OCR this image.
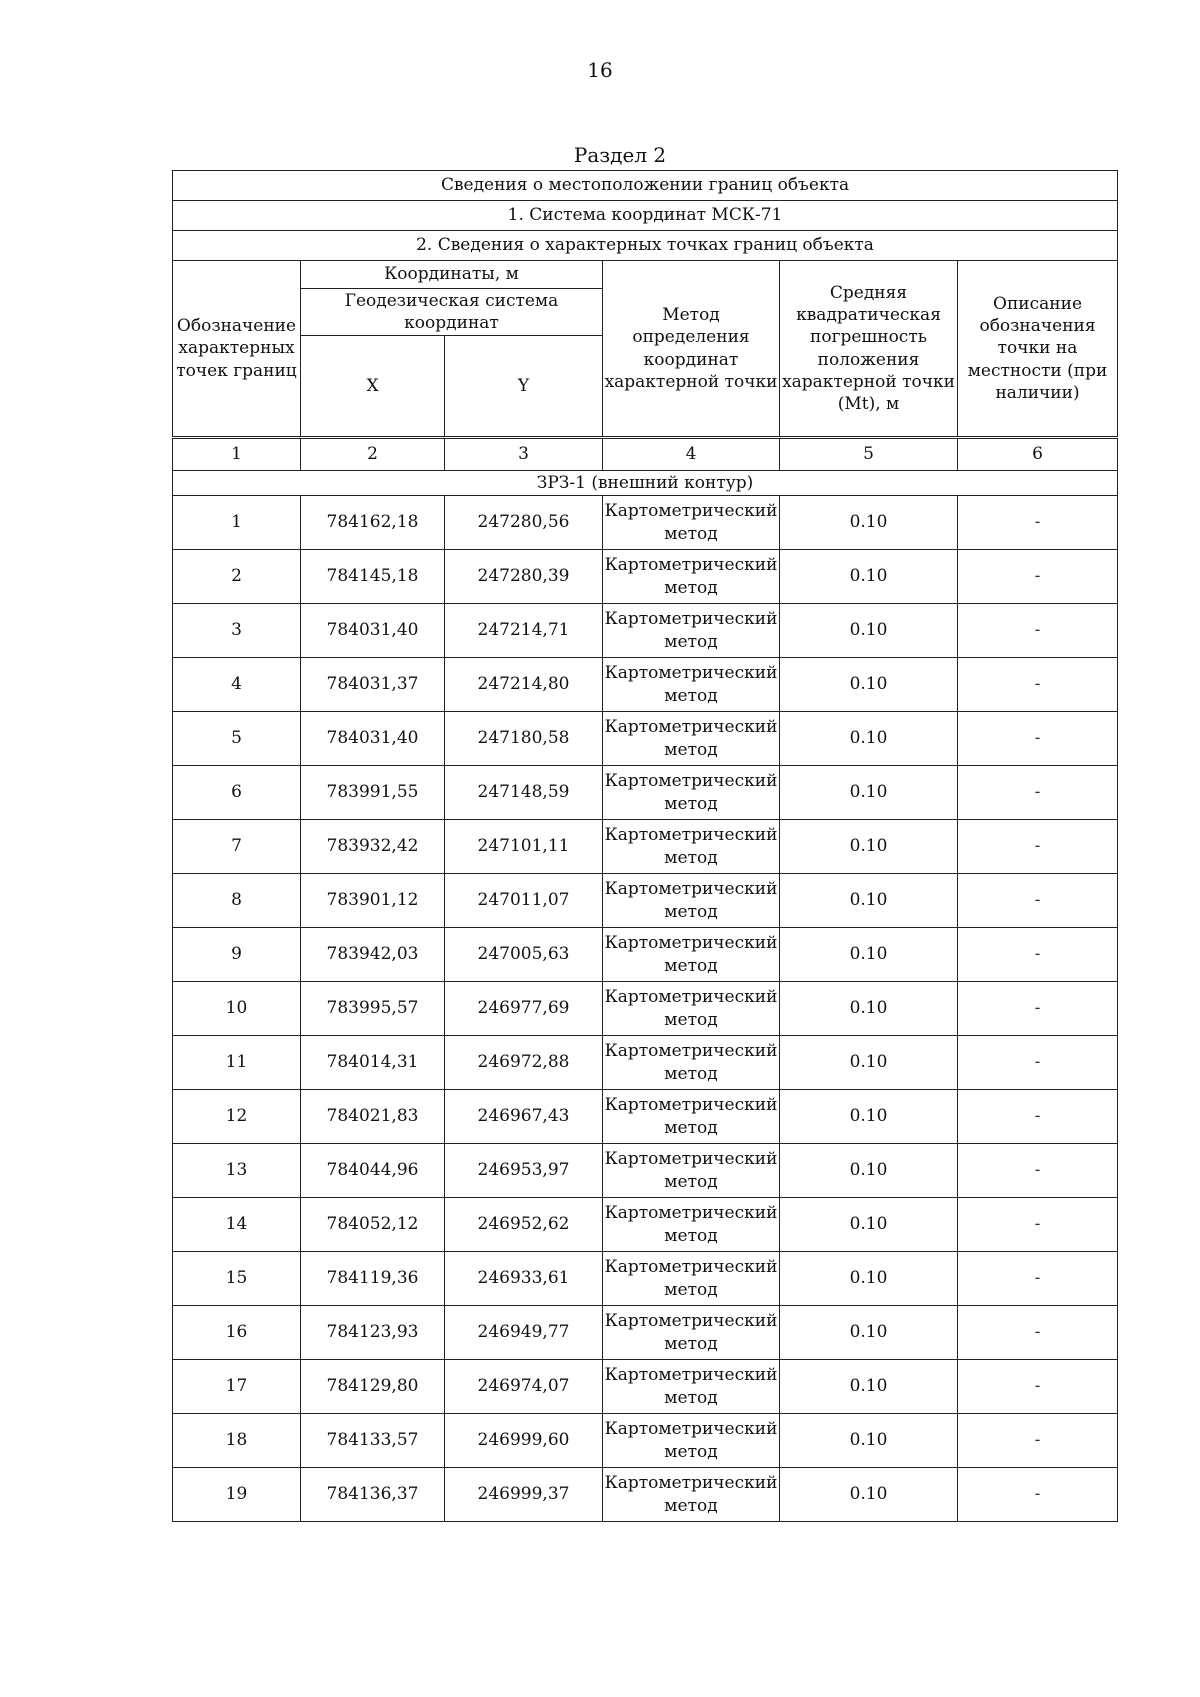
16
Раздел 2
Сведения о местоположении границ объекта					
1. Система координат МСК-71					
2. Сведения о характерных точках границ объекта					
Обозначение характерных точек границ	Координаты, м		Метод определения координат характерной точки	Средняя квадратическая погрешность положения характерной точки (Mt), м	Описание обозначения точки на местности (при наличии)
	Геодезическая система координат				
	X	Y			
1	2	3	4	5	6
ЗРЗ-1 (внешний контур)					
1	784162,18	247280,56	Картометрический метод	0.10	-
2	784145,18	247280,39	Картометрический метод	0.10	-
3	784031,40	247214,71	Картометрический метод	0.10	-
4	784031,37	247214,80	Картометрический метод	0.10	-
5	784031,40	247180,58	Картометрический метод	0.10	-
6	783991,55	247148,59	Картометрический метод	0.10	-
7	783932,42	247101,11	Картометрический метод	0.10	-
8	783901,12	247011,07	Картометрический метод	0.10	-
9	783942,03	247005,63	Картометрический метод	0.10	-
10	783995,57	246977,69	Картометрический метод	0.10	-
11	784014,31	246972,88	Картометрический метод	0.10	-
12	784021,83	246967,43	Картометрический метод	0.10	-
13	784044,96	246953,97	Картометрический метод	0.10	-
14	784052,12	246952,62	Картометрический метод	0.10	-
15	784119,36	246933,61	Картометрический метод	0.10	-
16	784123,93	246949,77	Картометрический метод	0.10	-
17	784129,80	246974,07	Картометрический метод	0.10	-
18	784133,57	246999,60	Картометрический метод	0.10	-
19	784136,37	246999,37	Картометрический метод	0.10	-
